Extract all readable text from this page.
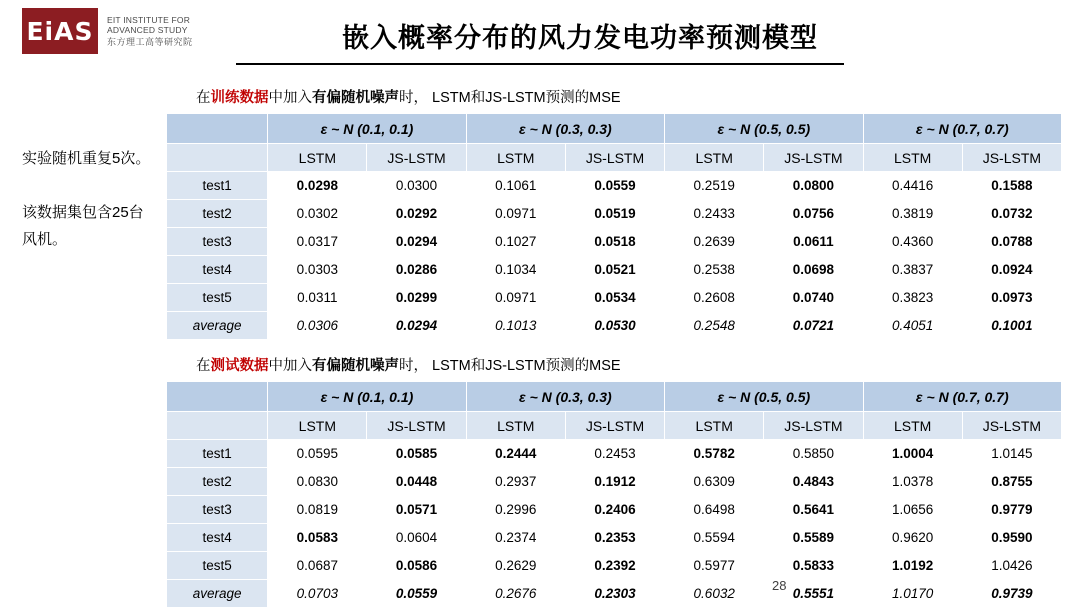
EiAS	EIT INSTITUTE FOR
ADVANCED STUDY
东方理工高等研究院	嵌入概率分布的风力发电功率预测模型

实验随机重复5次。

该数据集包含25台风机。

在训练数据中加入有偏随机噪声时， LSTM和JS-LSTM预测的MSE
在测试数据中加入有偏随机噪声时， LSTM和JS-LSTM预测的MSE
	ε ~ N (0.1, 0.1)		ε ~ N (0.3, 0.3)		ε ~ N (0.5, 0.5)		ε ~ N (0.7, 0.7)	
	LSTM	JS-LSTM	LSTM	JS-LSTM	LSTM	JS-LSTM	LSTM	JS-LSTM
test1	0.0298	0.0300	0.1061	0.0559	0.2519	0.0800	0.4416	0.1588
test2	0.0302	0.0292	0.0971	0.0519	0.2433	0.0756	0.3819	0.0732
test3	0.0317	0.0294	0.1027	0.0518	0.2639	0.0611	0.4360	0.0788
test4	0.0303	0.0286	0.1034	0.0521	0.2538	0.0698	0.3837	0.0924
test5	0.0311	0.0299	0.0971	0.0534	0.2608	0.0740	0.3823	0.0973
average	0.0306	0.0294	0.1013	0.0530	0.2548	0.0721	0.4051	0.1001
	ε ~ N (0.1, 0.1)		ε ~ N (0.3, 0.3)		ε ~ N (0.5, 0.5)		ε ~ N (0.7, 0.7)	
	LSTM	JS-LSTM	LSTM	JS-LSTM	LSTM	JS-LSTM	LSTM	JS-LSTM
test1	0.0595	0.0585	0.2444	0.2453	0.5782	0.5850	1.0004	1.0145
test2	0.0830	0.0448	0.2937	0.1912	0.6309	0.4843	1.0378	0.8755
test3	0.0819	0.0571	0.2996	0.2406	0.6498	0.5641	1.0656	0.9779
test4	0.0583	0.0604	0.2374	0.2353	0.5594	0.5589	0.9620	0.9590
test5	0.0687	0.0586	0.2629	0.2392	0.5977	0.5833	1.0192	1.0426
average	0.0703	0.0559	0.2676	0.2303	0.6032	0.5551	1.0170	0.9739
28
